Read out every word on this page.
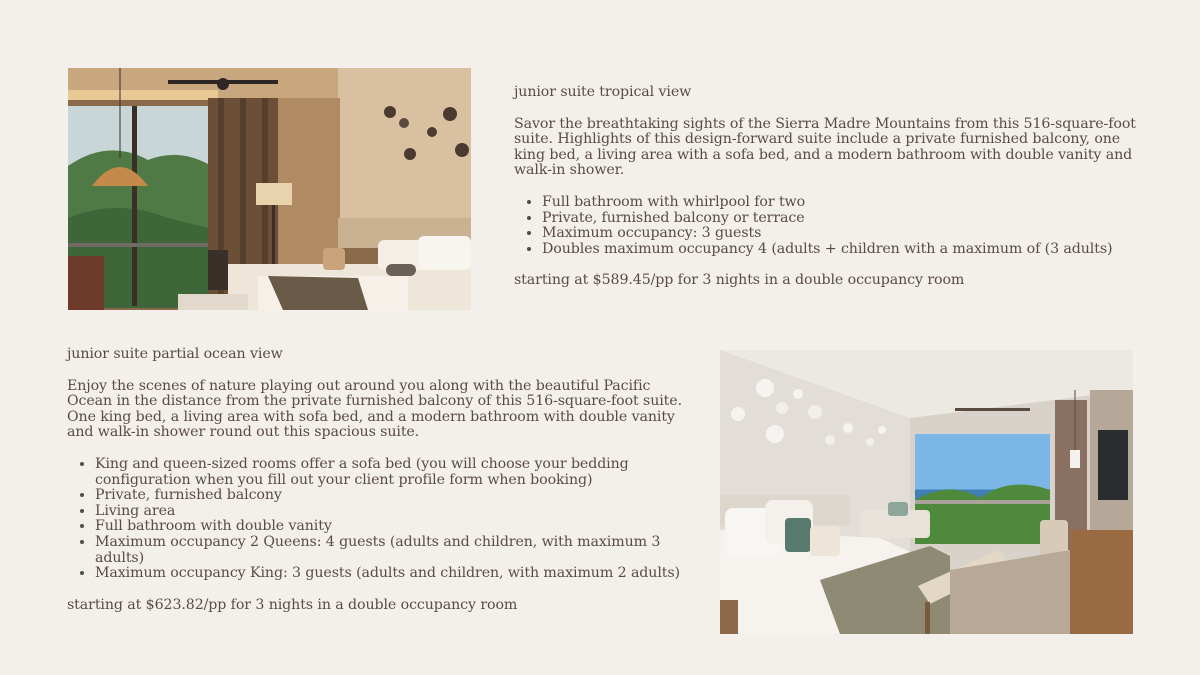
junior suite tropical view

Savor the breathtaking sights of the Sierra Madre Mountains from this 516-square-foot suite. Highlights of this design-forward suite include a private furnished balcony, one king bed, a living area with a sofa bed, and a modern bathroom with double vanity and walk-in shower.

• Full bathroom with whirlpool for two
• Private, furnished balcony or terrace
• Maximum occupancy: 3 guests
• Doubles maximum occupancy 4 (adults + children with a maximum of (3 adults)

starting at $589.45/pp for 3 nights in a double occupancy room

junior suite partial ocean view

Enjoy the scenes of nature playing out around you along with the beautiful Pacific Ocean in the distance from the private furnished balcony of this 516-square-foot suite. One king bed, a living area with sofa bed, and a modern bathroom with double vanity and walk-in shower round out this spacious suite.

• King and queen-sized rooms offer a sofa bed (you will choose your bedding configuration when you fill out your client profile form when booking)
• Private, furnished balcony
• Living area
• Full bathroom with double vanity
• Maximum occupancy 2 Queens: 4 guests (adults and children, with maximum 3 adults)
• Maximum occupancy King: 3 guests (adults and children, with maximum 2 adults)

starting at $623.82/pp for 3 nights in a double occupancy room
